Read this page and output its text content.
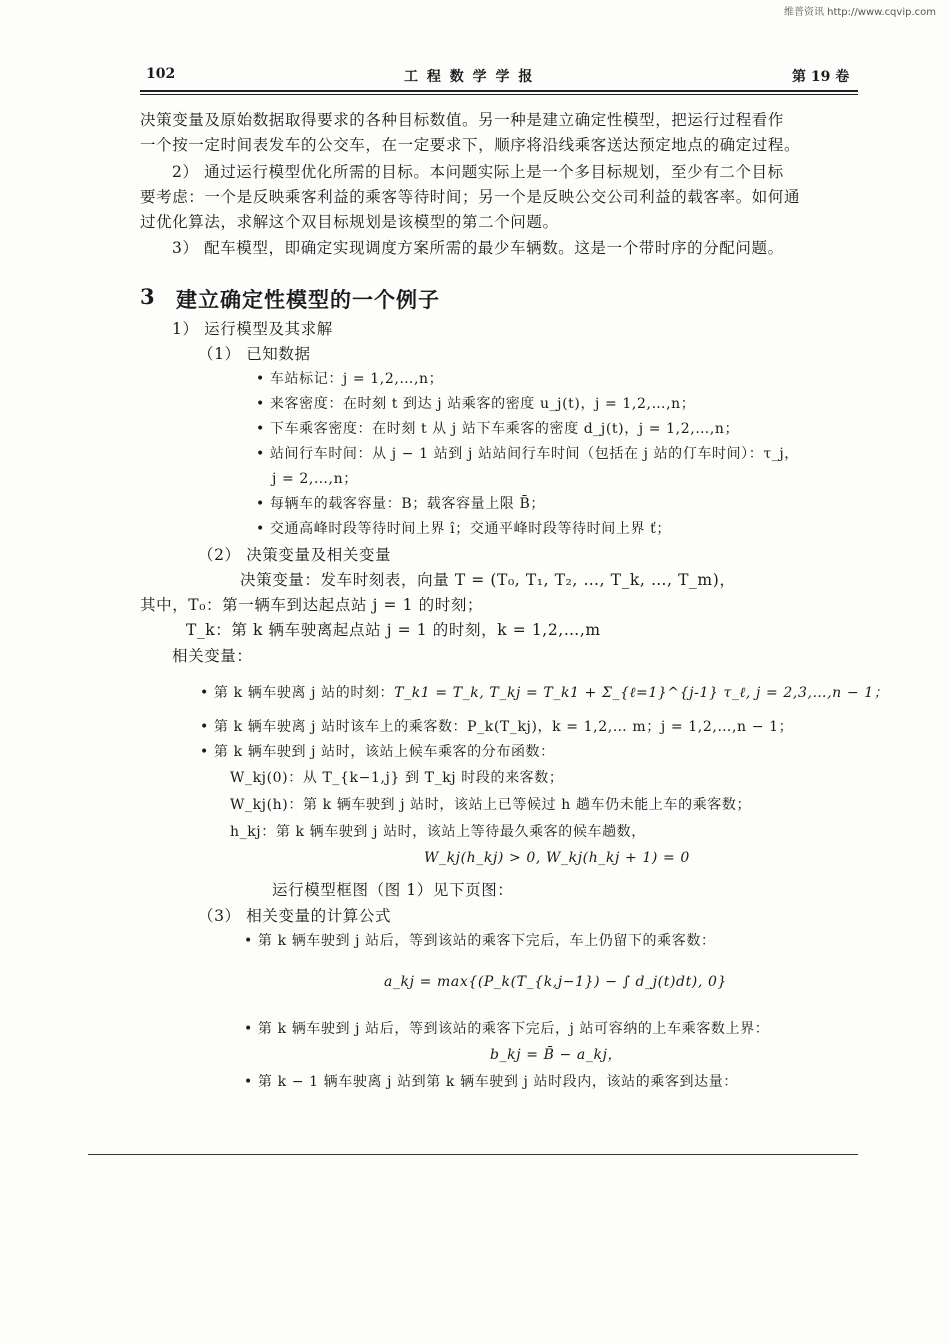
维普资讯 http://www.cqvip.com
102	工 程 数 学 学 报	第 19 卷
决策变量及原始数据取得要求的各种目标数值。另一种是建立确定性模型，把运行过程看作
一个按一定时间表发车的公交车，在一定要求下，顺序将沿线乘客送达预定地点的确定过程。
2） 通过运行模型优化所需的目标。本问题实际上是一个多目标规划，至少有二个目标
要考虑：一个是反映乘客利益的乘客等待时间；另一个是反映公交公司利益的载客率。如何通
过优化算法，求解这个双目标规划是该模型的第二个问题。
3） 配车模型，即确定实现调度方案所需的最少车辆数。这是一个带时序的分配问题。
3 建立确定性模型的一个例子
1） 运行模型及其求解
（1） 已知数据
• 车站标记：j = 1,2,…,n；
• 来客密度：在时刻 t 到达 j 站乘客的密度 u_j(t)，j = 1,2,…,n；
• 下车乘客密度：在时刻 t 从 j 站下车乘客的密度 d_j(t)，j = 1,2,…,n；
• 站间行车时间：从 j − 1 站到 j 站站间行车时间（包括在 j 站的仃车时间）：τ_j，
j = 2,…,n；
• 每辆车的载客容量：B；载客容量上限 B̄；
• 交通高峰时段等待时间上界 î；交通平峰时段等待时间上界 ť；
（2） 决策变量及相关变量
决策变量：发车时刻表，向量 T = (T₀, T₁, T₂, …, T_k, …, T_m)，
其中，T₀：第一辆车到达起点站 j = 1 的时刻；
T_k：第 k 辆车驶离起点站 j = 1 的时刻，k = 1,2,…,m
相关变量：
• 第 k 辆车驶离 j 站的时刻：T_k1 = T_k, T_kj = T_k1 + Σ_{ℓ=1}^{j-1} τ_ℓ, j = 2,3,…,n − 1；
• 第 k 辆车驶离 j 站时该车上的乘客数：P_k(T_kj)，k = 1,2,… m；j = 1,2,…,n − 1；
• 第 k 辆车驶到 j 站时，该站上候车乘客的分布函数：
W_kj(0)：从 T_{k−1,j} 到 T_kj 时段的来客数；
W_kj(h)：第 k 辆车驶到 j 站时，该站上已等候过 h 趟车仍未能上车的乘客数；
h_kj：第 k 辆车驶到 j 站时，该站上等待最久乘客的候车趟数，
W_kj(h_kj) > 0, W_kj(h_kj + 1) = 0
运行模型框图（图 1）见下页图：
（3） 相关变量的计算公式
• 第 k 辆车驶到 j 站后，等到该站的乘客下完后，车上仍留下的乘客数：
a_kj = max{(P_k(T_{k,j−1}) − ∫ d_j(t)dt), 0}
• 第 k 辆车驶到 j 站后，等到该站的乘客下完后，j 站可容纳的上车乘客数上界：
b_kj = B̄ − a_kj，
• 第 k − 1 辆车驶离 j 站到第 k 辆车驶到 j 站时段内，该站的乘客到达量：
